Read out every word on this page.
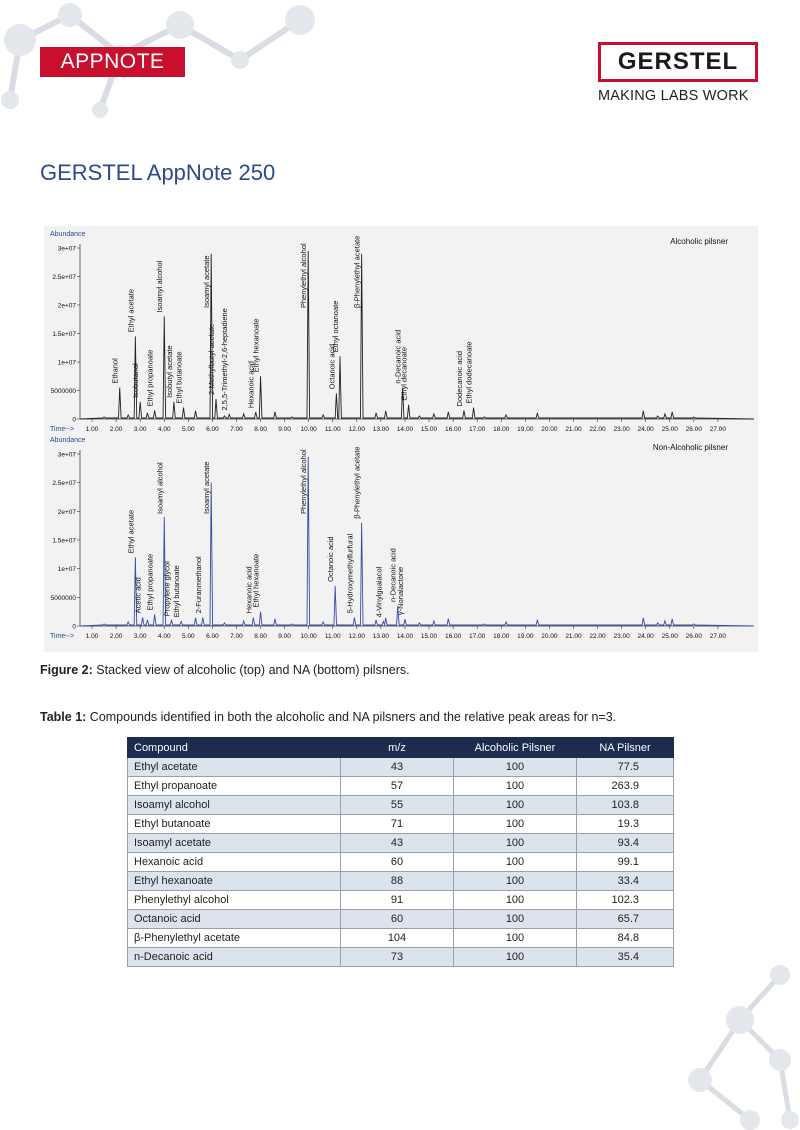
APPNOTE	GERSTEL
MAKING LABS WORK
GERSTEL AppNote 250
Abundance
Alcoholic pilsner
0
5000000
1e+07
1.5e+07
2e+07
2.5e+07
3e+07
Time--> 1.00 2.00 3.00 4.00 5.00 6.00 7.00 8.00 9.00 10.00 11.00 12.00 13.00 14.00 15.00 16.00 17.00 18.00 19.00 20.00 21.00 22.00 23.00 24.00 25.00 26.00 27.00
Ethanol
Ethyl acetate
Isobutanol Ethyl propanoate
Isoamyl alcohol
Isobutyl acetate Ethyl butanoate
Isoamyl acetate
2-Methylbutyl acetate 2,5,5-Trimethyl-2,6-heptadiene Hexanoic acid
Ethyl hexanoate
Phenylethyl alcohol
Octanoic acid
Ethyl octanoate
β-Phenylethyl acetate
n-Decanoic acid
Ethyl decanoate	Dodecanoic acid Ethyl dodecanoate
Abundance
Non-Alcoholic pilsner
0
5000000
1e+07
1.5e+07
2e+07
2.5e+07
3e+07
Time--> 1.00 2.00 3.00 4.00 5.00 6.00 7.00 8.00 9.00 10.00 11.00 12.00 13.00 14.00 15.00 16.00 17.00 18.00 19.00 20.00 21.00 22.00 23.00 24.00 25.00 26.00 27.00
Ethyl acetate
Acetic acid Ethyl propanoate
Isoamyl alcohol
Propylene glycol Ethyl butanoate 2-Furanmethanol
Isoamyl acetate
Hexanoic acid
Ethyl hexanoate
Phenylethyl alcohol
Octanoic acid 5-Hydroxymethylfurfural
β-Phenylethyl acetate
4-Vinylguaiacol n-Decanoic acid
γ-Nonalactone
Figure 2: Stacked view of alcoholic (top) and NA (bottom) pilsners.
Table 1: Compounds identified in both the alcoholic and NA pilsners and the relative peak areas for n=3.
Compound	m/z	Alcoholic Pilsner	NA Pilsner
Ethyl acetate	43	100	77.5
Ethyl propanoate	57	100	263.9
Isoamyl alcohol	55	100	103.8
Ethyl butanoate	71	100	19.3
Isoamyl acetate	43	100	93.4
Hexanoic acid	60	100	99.1
Ethyl hexanoate	88	100	33.4
Phenylethyl alcohol	91	100	102.3
Octanoic acid	60	100	65.7
β-Phenylethyl acetate	104	100	84.8
n-Decanoic acid	73	100	35.4
